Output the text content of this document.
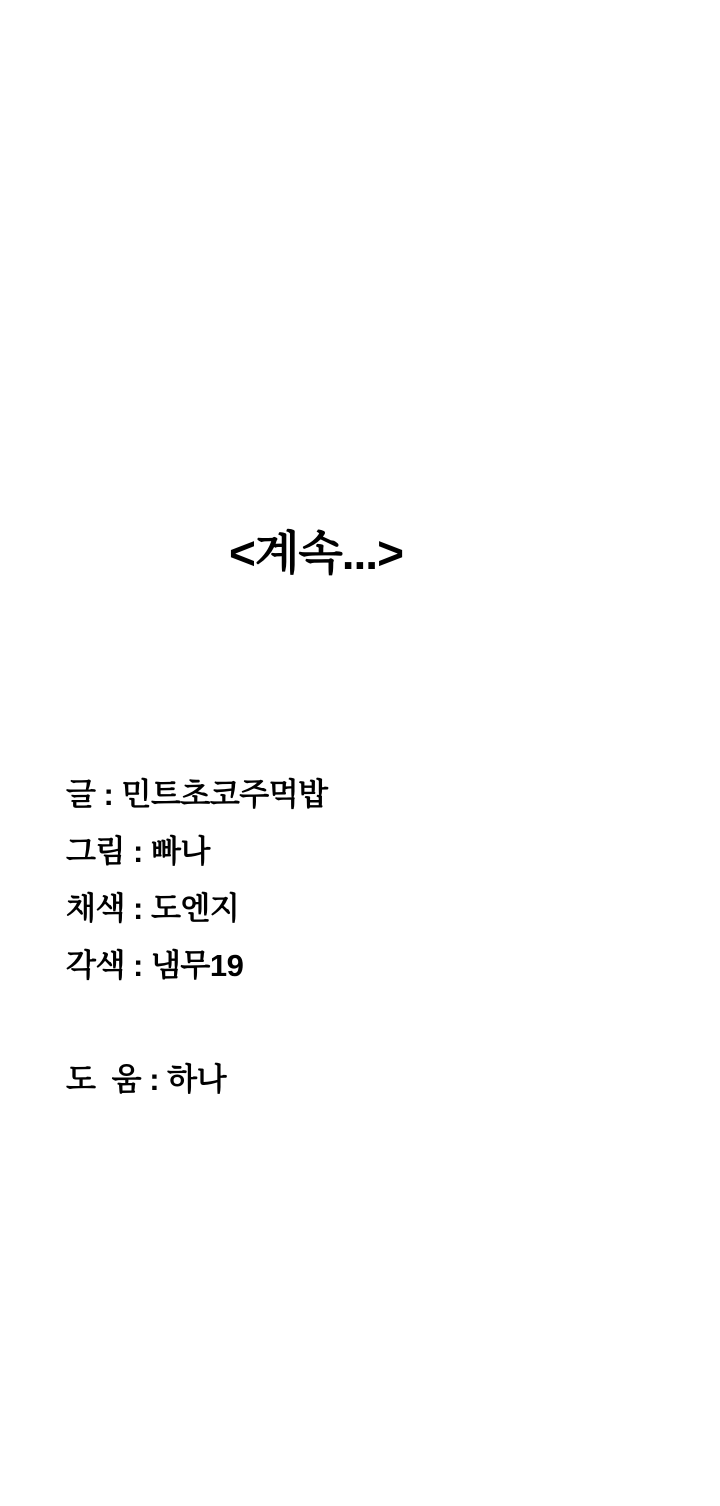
<계속...>
글 : 민트초코주먹밥
그림 : 빠나
채색 : 도엔지
각색 : 냄무19
도  움 : 하나
